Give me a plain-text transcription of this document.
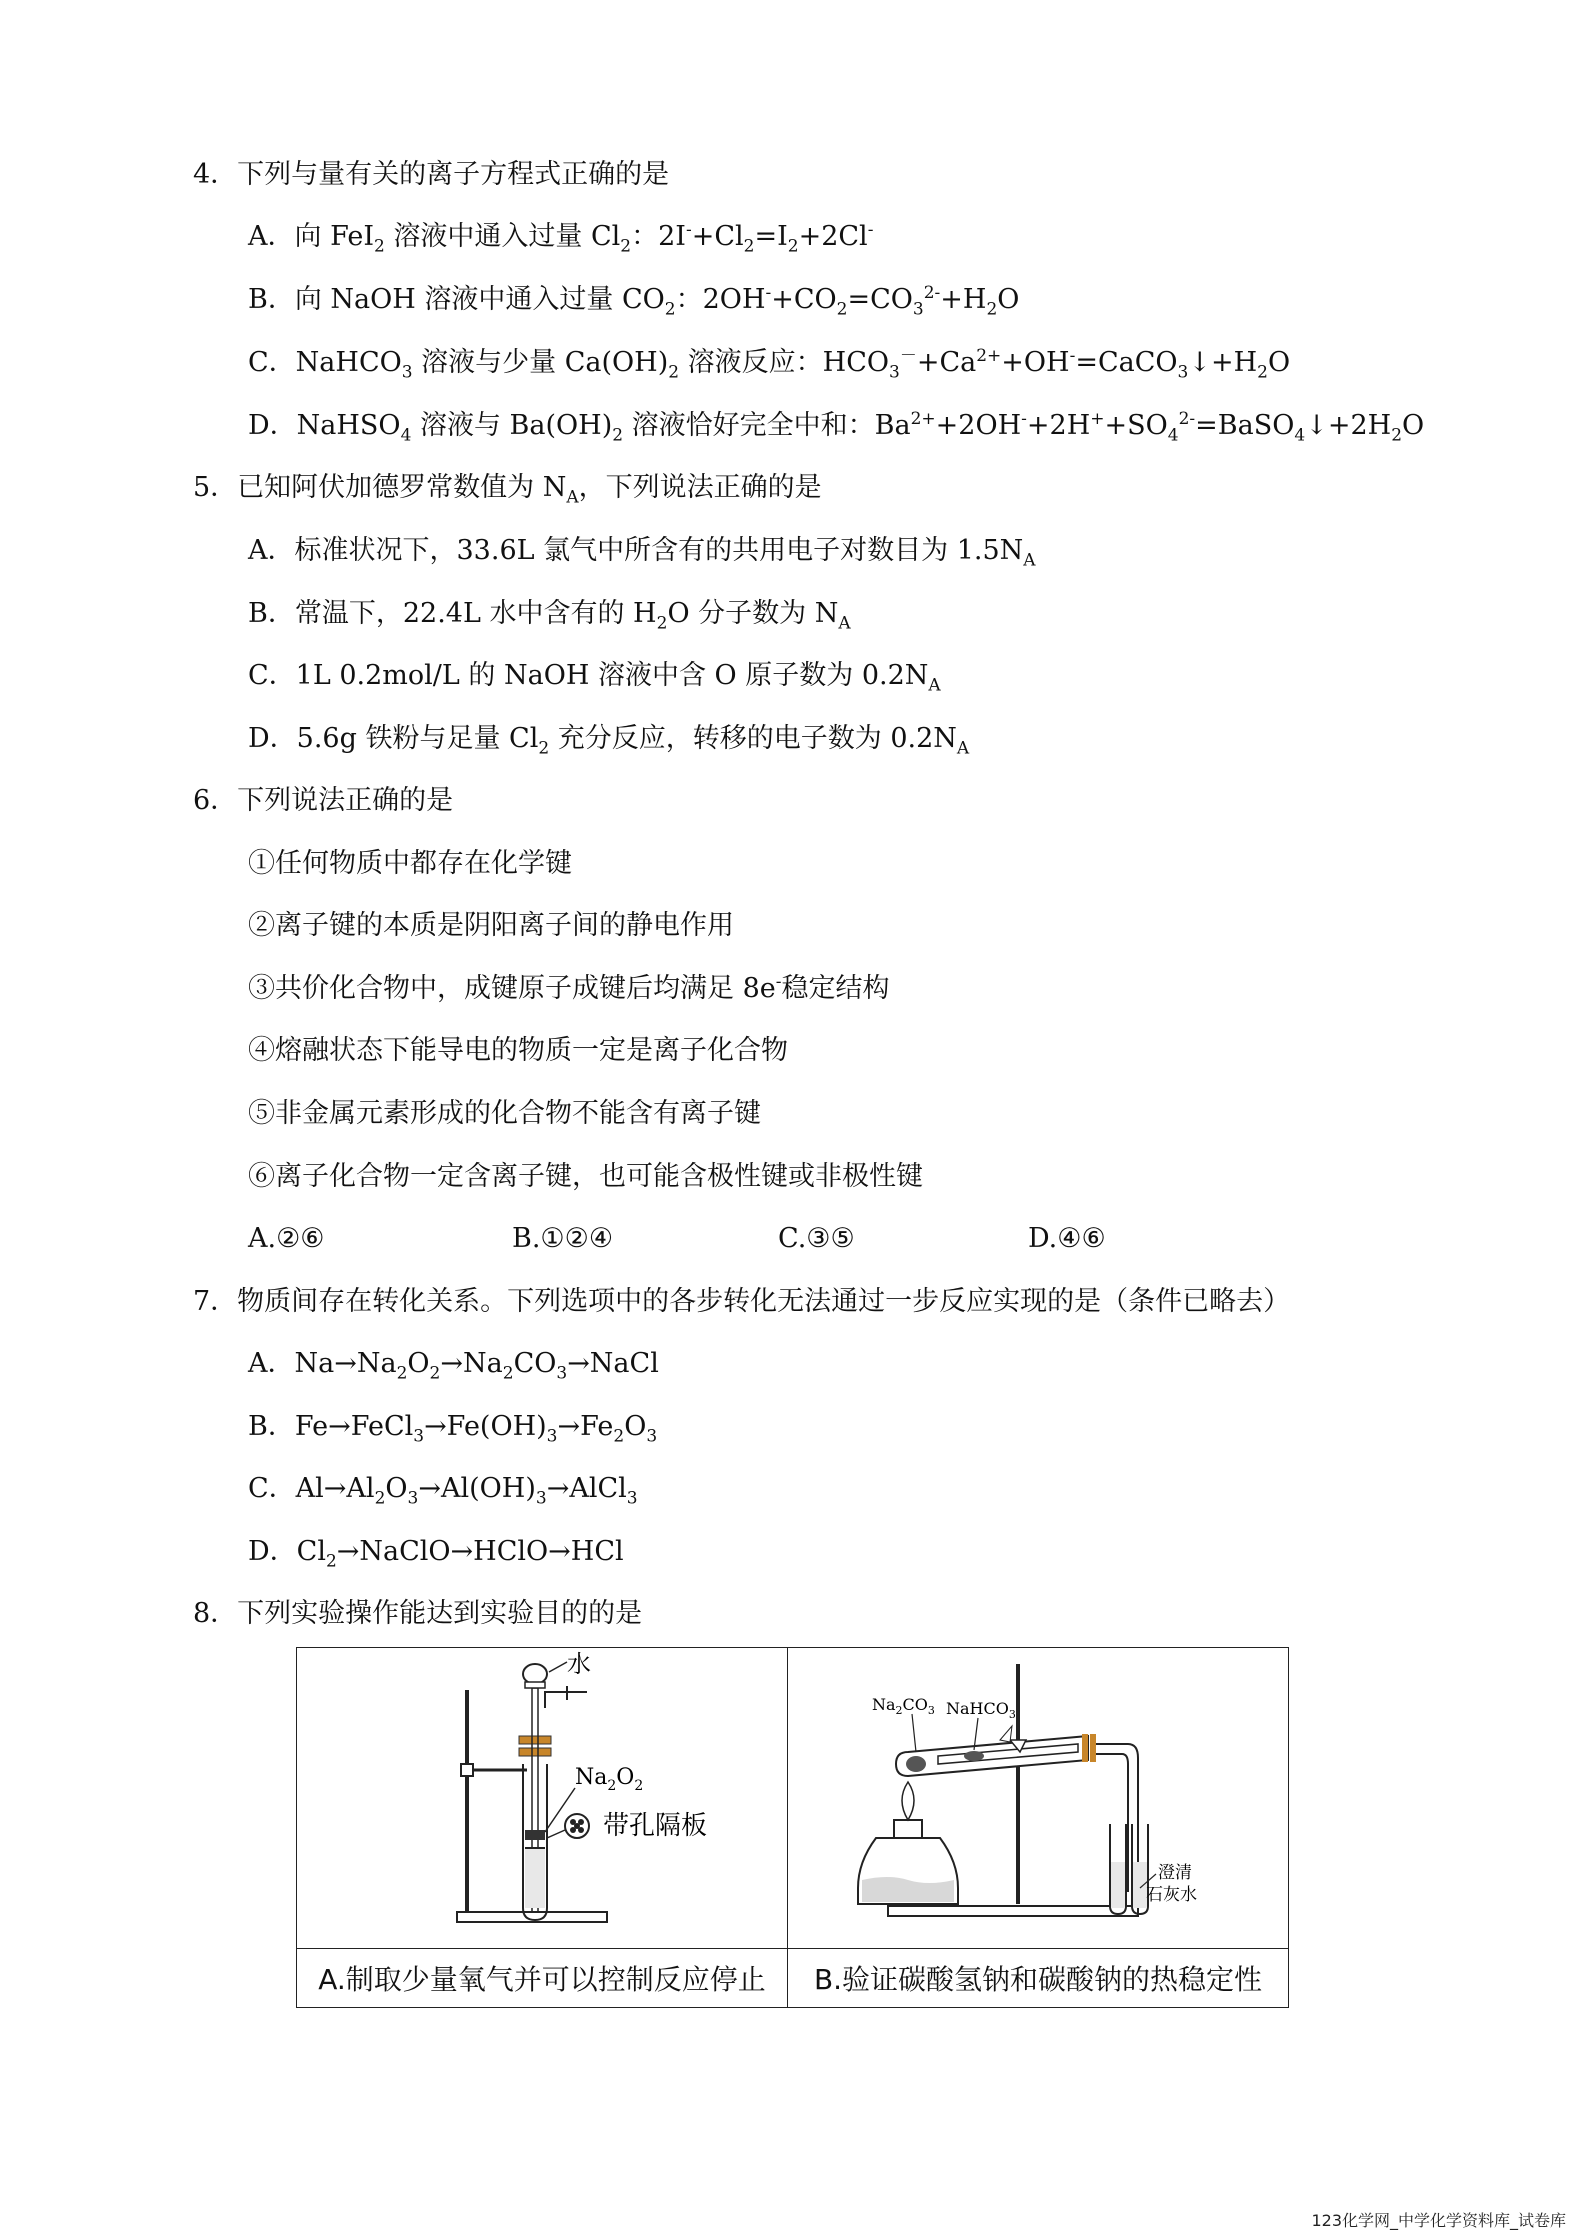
4．下列与量有关的离子方程式正确的是
A．向 FeI$_2$ 溶液中通入过量 $Cl_2$：$2I^-+Cl_2=I_2+2Cl^-$
B．向 NaOH 溶液中通入过量 $CO_2$：$2OH^-+CO_2=CO_3^{2-}+H_2O$
C．NaHCO$_3$ 溶液与少量 $Ca(OH)_2$ 溶液反应：$HCO_3^-+Ca^{2+}+OH^-=CaCO_3↓+H_2O$
D．NaHSO$_4$ 溶液与 $Ba(OH)_2$ 溶液恰好完全中和：$Ba^{2+}+2OH^-+2H^++SO_4^{2-}=BaSO_4↓+2H_2O$
5．已知阿伏加德罗常数值为 $N_A$，下列说法正确的是
A．标准状况下，33.6L 氯气中所含有的共用电子对数目为 $1.5N_A$
B．常温下，22.4L 水中含有的 $H_2O$ 分子数为 $N_A$
C．1L 0.2mol/L 的 NaOH 溶液中含 O 原子数为 $0.2N_A$
D．5.6g 铁粉与足量 $Cl_2$ 充分反应，转移的电子数为 $0.2N_A$
6．下列说法正确的是
①任何物质中都存在化学键
②离子键的本质是阴阳离子间的静电作用
③共价化合物中，成键原子成键后均满足 8e-稳定结构
④熔融状态下能导电的物质一定是离子化合物
⑤非金属元素形成的化合物不能含有离子键
⑥离子化合物一定含离子键，也可能含极性键或非极性键
A.②⑥	B.①②④	C.③⑤	D.④⑥
7．物质间存在转化关系。下列选项中的各步转化无法通过一步反应实现的是（条件已略去）
A．$Na\to Na_2O_2\to Na_2CO_3\to NaCl$
B．$Fe\to FeCl_3\to Fe(OH)_3\to Fe_2O_3$
C．$Al\to Al_2O_3\to Al(OH)_3\to AlCl_3$
D．$Cl_2\to NaClO\to HClO\to HCl$
8．下列实验操作能达到实验目的的是
水
$Na_2O_2$
带孔隔板	$Na_2CO_3$ NaHCO$_3$
澄清
石灰水

A.制取少量氧气并可以控制反应停止	B.验证碳酸氢钠和碳酸钠的热稳定性
123化学网_中学化学资料库_试卷库
